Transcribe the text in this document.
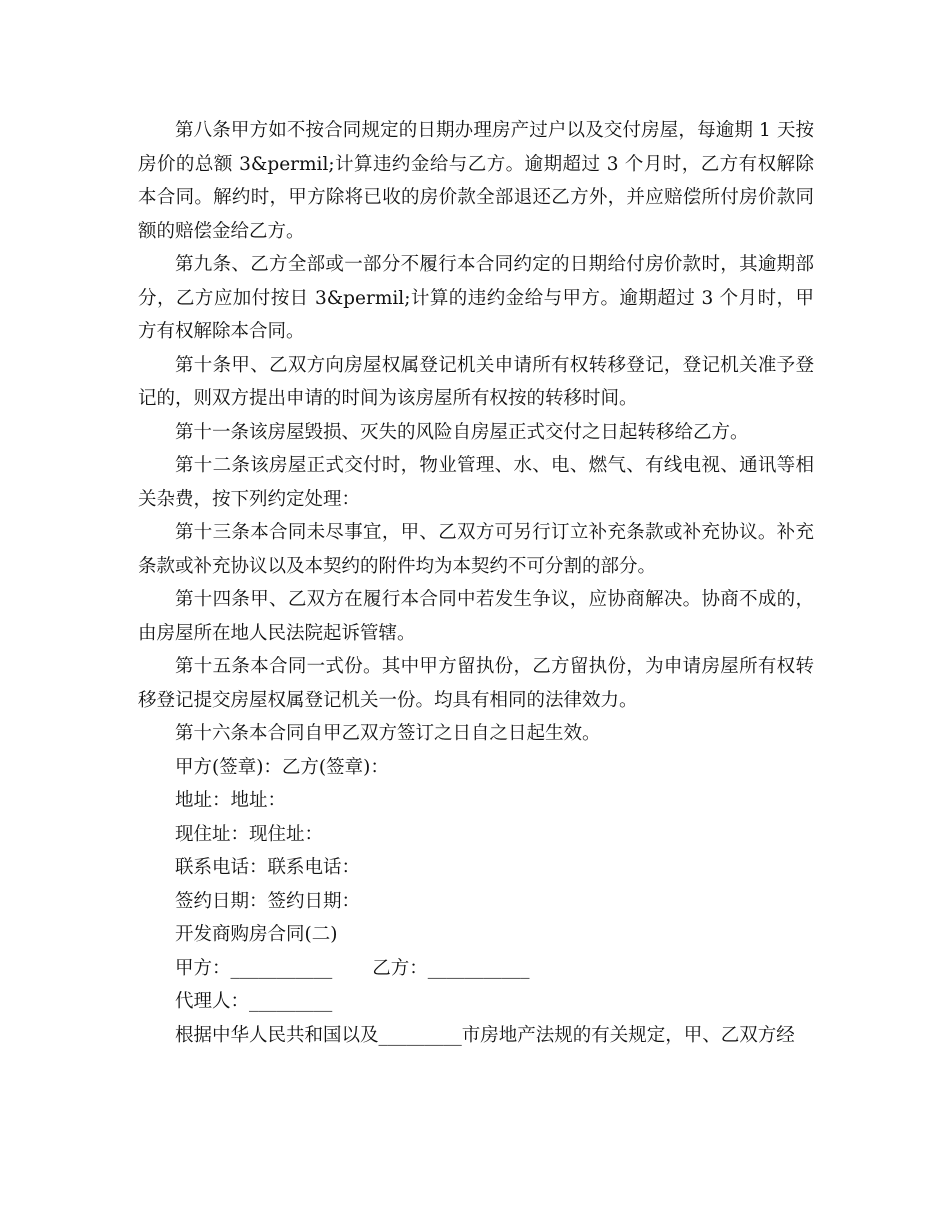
第八条甲方如不按合同规定的日期办理房产过户以及交付房屋，每逾期 1 天按房价的总额 3&permil;计算违约金给与乙方。逾期超过 3 个月时，乙方有权解除本合同。解约时，甲方除将已收的房价款全部退还乙方外，并应赔偿所付房价款同额的赔偿金给乙方。

第九条、乙方全部或一部分不履行本合同约定的日期给付房价款时，其逾期部分，乙方应加付按日 3&permil;计算的违约金给与甲方。逾期超过 3 个月时，甲方有权解除本合同。

第十条甲、乙双方向房屋权属登记机关申请所有权转移登记，登记机关准予登记的，则双方提出申请的时间为该房屋所有权按的转移时间。

第十一条该房屋毁损、灭失的风险自房屋正式交付之日起转移给乙方。

第十二条该房屋正式交付时，物业管理、水、电、燃气、有线电视、通讯等相关杂费，按下列约定处理：

第十三条本合同未尽事宜，甲、乙双方可另行订立补充条款或补充协议。补充条款或补充协议以及本契约的附件均为本契约不可分割的部分。

第十四条甲、乙双方在履行本合同中若发生争议，应协商解决。协商不成的，由房屋所在地人民法院起诉管辖。

第十五条本合同一式份。其中甲方留执份，乙方留执份，为申请房屋所有权转移登记提交房屋权属登记机关一份。均具有相同的法律效力。

第十六条本合同自甲乙双方签订之日自之日起生效。

甲方(签章)：乙方(签章)：

地址：地址：

现住址：现住址：

联系电话：联系电话：

签约日期：签约日期：

开发商购房合同(二)

甲方：___________ 乙方：___________

代理人：_________

根据中华人民共和国以及_________市房地产法规的有关规定，甲、乙双方经
